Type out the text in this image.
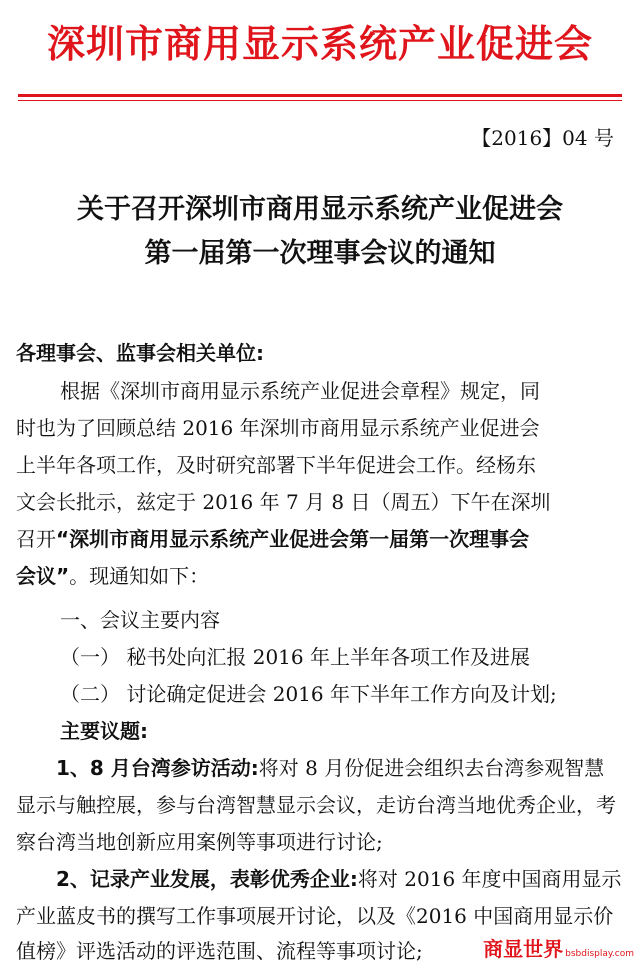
深圳市商用显示系统产业促进会
【2016】04 号
关于召开深圳市商用显示系统产业促进会
第一届第一次理事会议的通知
各理事会、监事会相关单位:
根据《深圳市商用显示系统产业促进会章程》规定，同
时也为了回顾总结 2016 年深圳市商用显示系统产业促进会
上半年各项工作，及时研究部署下半年促进会工作。经杨东
文会长批示，兹定于 2016 年 7 月 8 日（周五）下午在深圳
召开“深圳市商用显示系统产业促进会第一届第一次理事会
会议”。现通知如下：
一、会议主要内容
（一） 秘书处向汇报 2016 年上半年各项工作及进展
（二） 讨论确定促进会 2016 年下半年工作方向及计划;
主要议题:
1、8 月台湾参访活动:将对 8 月份促进会组织去台湾参观智慧
显示与触控展，参与台湾智慧显示会议，走访台湾当地优秀企业，考
察台湾当地创新应用案例等事项进行讨论;
2、记录产业发展，表彰优秀企业:将对 2016 年度中国商用显示
产业蓝皮书的撰写工作事项展开讨论，以及《2016 中国商用显示价
值榜》评选活动的评选范围、流程等事项讨论;	商显世界 bsbdisplay.com
